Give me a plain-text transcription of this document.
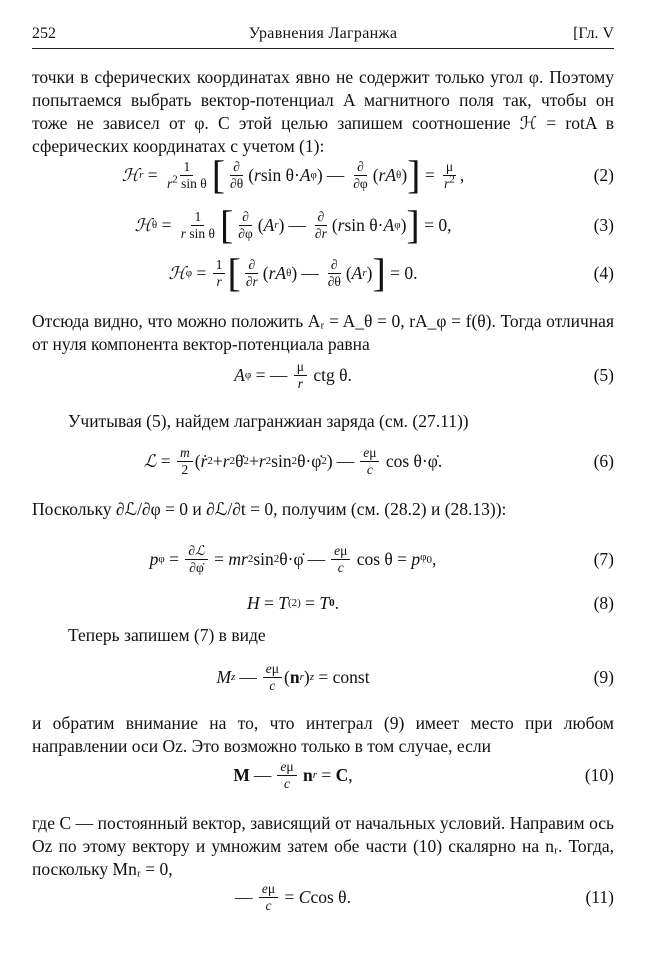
252	Уравнения Лагранжа	[Гл. V

точки в сферических координатах явно не содержит только угол φ. Поэтому попытаемся выбрать вектор-потенциал A магнитного поля так, чтобы он тоже не зависел от φ. С этой целью запишем соотношение ℋ = rotA в сферических координатах с учетом (1):

ℋ $r = \frac{1}{r^2 \sin \theta}$ [ $\frac{\partial}{\partial\theta}$ ( r sin θ· A φ ) — $\frac{\partial}{\partial\varphi}$ ( rA θ ) ] = $\frac{\mu}{r^2}$ ,	(2)
ℋ $\theta = \frac{1}{\text{r sin θ}}$ [ $\frac{\partial}{\partial\varphi}$ ( A r ) — $\frac{\partial}{\partial r}$ ( r sin θ· A φ ) ] = 0,	(3)
ℋ $\varphi = \frac{1}{r}$ [ $\frac{\partial}{\partial r}$ ( rA θ ) — $\frac{\partial}{\partial\theta}$ ( A r ) ] = 0.	(4)

Отсюда видно, что можно положить Aᵣ = A_θ = 0, rA_φ = f(θ). Тогда отличная от нуля компонента вектор-потенциала равна

A φ = — $\frac{\mu}{r}$ ctg θ.	(5)

Учитывая (5), найдем лагранжиан заряда (см. (27.11))

ℒ = $\frac{m}{2}$ ( ṙ 2 + r 2 θ̇ 2 + r 2 sin 2 θ·φ̇ 2 ) — $\frac{e\mu}{c}$ cos θ·φ̇.	(6)

Поскольку ∂ℒ/∂φ = 0 и ∂ℒ/∂t = 0, получим (см. (28.2) и (28.13)):

p $\varphi = \frac{\text{∂ℒ}}{\partial\varphi̇}$ = mr 2 sin 2 θ·φ̇ — $\frac{e\mu}{c}$ cos θ = p $\varphi_0$ ,	(7)
H = T (2) = T 0 .	(8)

Теперь запишем (7) в виде

M z — $\frac{e\mu}{c}$ ( n r ) z = const	(9)

и обратим внимание на то, что интеграл (9) имеет место при любом направлении оси Oz. Это возможно только в том случае, если

M — $\frac{e\mu}{c}$
n r = C ,	(10)

где C — постоянный вектор, зависящий от начальных условий. Направим ось Oz по этому вектору и умножим затем обе части (10) скалярно на nᵣ. Тогда, поскольку Mnᵣ = 0,

— $\frac{e\mu}{c} = C$ cos θ.	(11)
